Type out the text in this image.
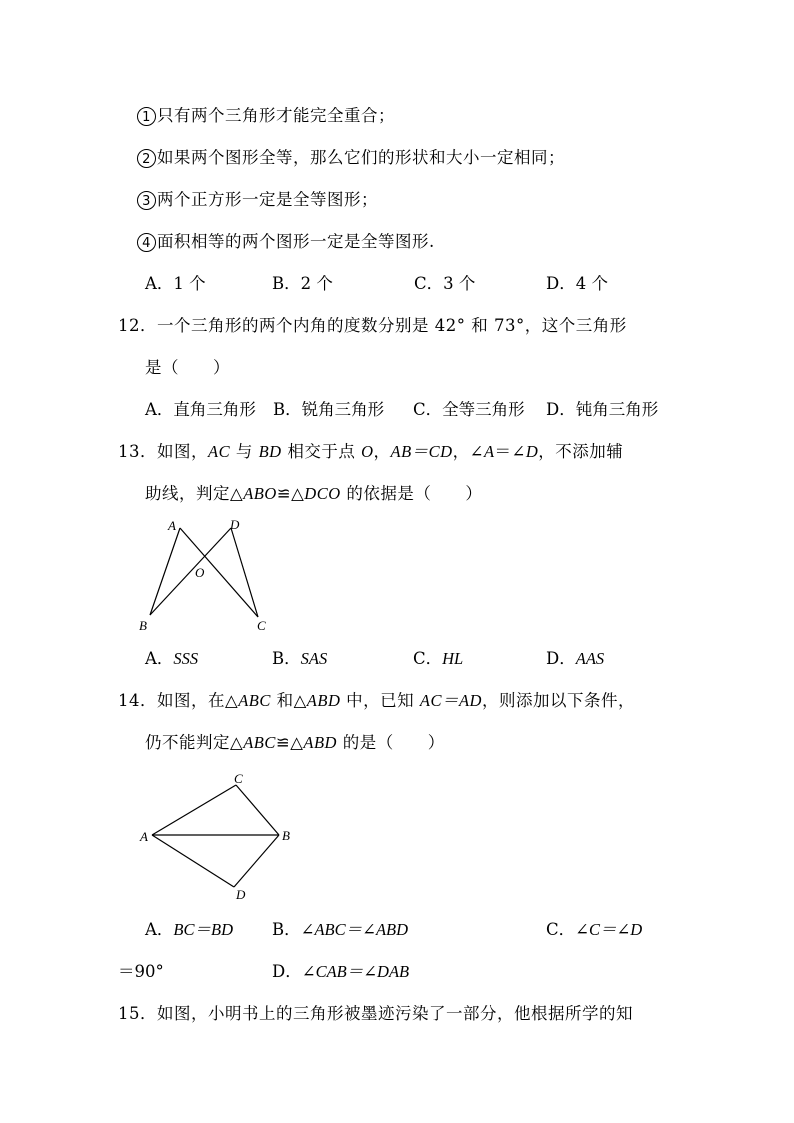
1 只有两个三角形才能完全重合；
2 如果两个图形全等，那么它们的形状和大小一定相同；
3 两个正方形一定是全等图形；
4 面积相等的两个图形一定是全等图形.
A．1 个	B．2 个	C．3 个	D．4 个
12．一个三角形的两个内角的度数分别是 42° 和 73°，这个三角形
是（　　）
A．直角三角形 B．锐角三角形 C．全等三角形 D．钝角三角形
13．如图，AC 与 BD 相交于点 O，AB＝CD，∠A＝∠D，不添加辅
助线，判定△ABO≌△DCO 的依据是（　　）
A	D
O
B	C
A．SSS	B．SAS	C．HL	D．AAS
14．如图，在△ABC 和△ABD 中，已知 AC＝AD，则添加以下条件，
仍不能判定△ABC≌△ABD 的是（　　）
C
A	B
D
A．BC＝BD B．∠ABC＝∠ABD	C．∠C＝∠D
＝90°	D．∠CAB＝∠DAB
15．如图，小明书上的三角形被墨迹污染了一部分，他根据所学的知
